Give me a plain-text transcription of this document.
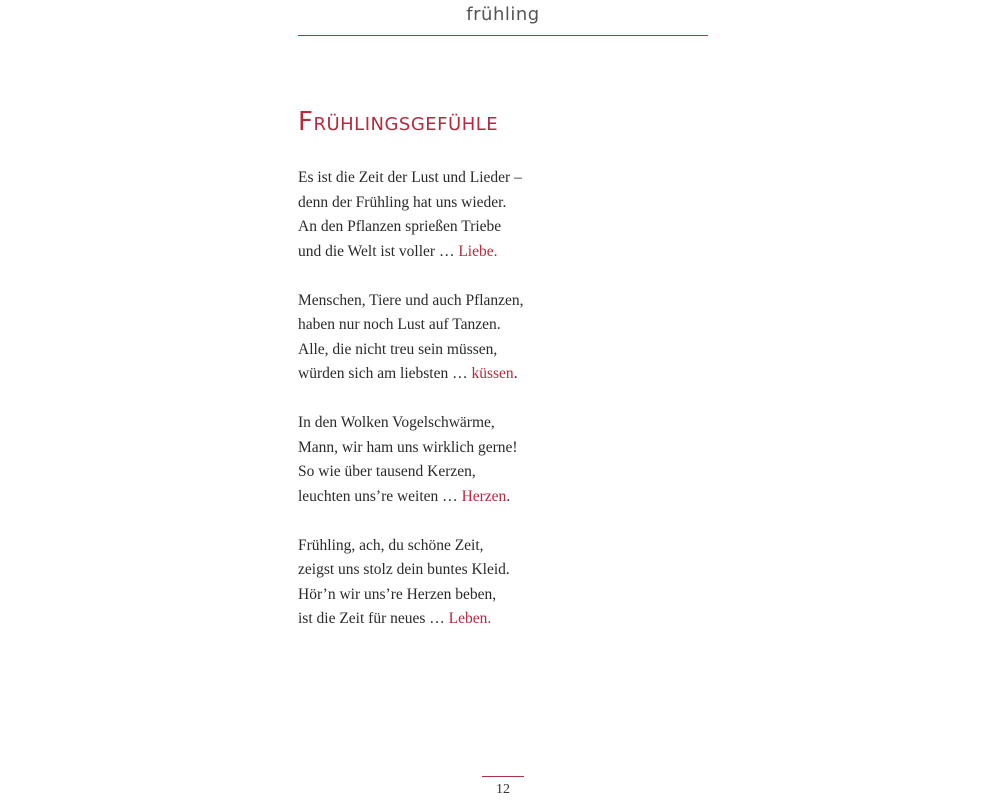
frühling
Frühlingsgefühle
Es ist die Zeit der Lust und Lieder –
denn der Frühling hat uns wieder.
An den Pflanzen sprießen Triebe
und die Welt ist voller … Liebe.
Menschen, Tiere und auch Pflanzen,
haben nur noch Lust auf Tanzen.
Alle, die nicht treu sein müssen,
würden sich am liebsten … küssen.
In den Wolken Vogelschwärme,
Mann, wir ham uns wirklich gerne!
So wie über tausend Kerzen,
leuchten uns’re weiten … Herzen.
Frühling, ach, du schöne Zeit,
zeigst uns stolz dein buntes Kleid.
Hör’n wir uns’re Herzen beben,
ist die Zeit für neues … Leben.
12
